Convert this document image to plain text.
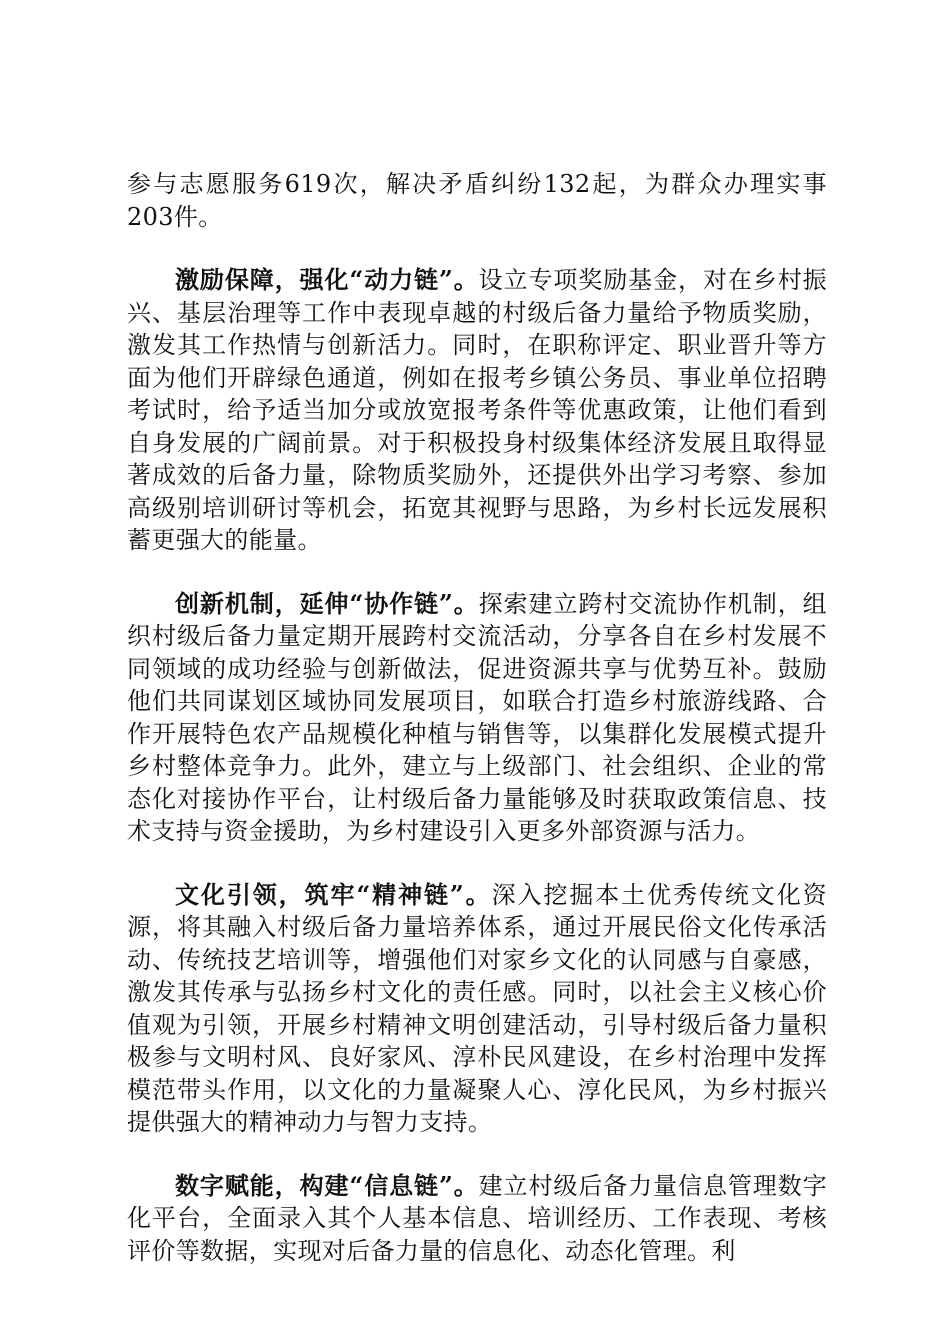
参与志愿服务619次，解决矛盾纠纷132起，为群众办理实事203件。

激励保障，强化“动力链”。设立专项奖励基金，对在乡村振兴、基层治理等工作中表现卓越的村级后备力量给予物质奖励，激发其工作热情与创新活力。同时，在职称评定、职业晋升等方面为他们开辟绿色通道，例如在报考乡镇公务员、事业单位招聘考试时，给予适当加分或放宽报考条件等优惠政策，让他们看到自身发展的广阔前景。对于积极投身村级集体经济发展且取得显著成效的后备力量，除物质奖励外，还提供外出学习考察、参加高级别培训研讨等机会，拓宽其视野与思路，为乡村长远发展积蓄更强大的能量。

创新机制，延伸“协作链”。探索建立跨村交流协作机制，组织村级后备力量定期开展跨村交流活动，分享各自在乡村发展不同领域的成功经验与创新做法，促进资源共享与优势互补。鼓励他们共同谋划区域协同发展项目，如联合打造乡村旅游线路、合作开展特色农产品规模化种植与销售等，以集群化发展模式提升乡村整体竞争力。此外，建立与上级部门、社会组织、企业的常态化对接协作平台，让村级后备力量能够及时获取政策信息、技术支持与资金援助，为乡村建设引入更多外部资源与活力。

文化引领，筑牢“精神链”。深入挖掘本土优秀传统文化资源，将其融入村级后备力量培养体系，通过开展民俗文化传承活动、传统技艺培训等，增强他们对家乡文化的认同感与自豪感，激发其传承与弘扬乡村文化的责任感。同时，以社会主义核心价值观为引领，开展乡村精神文明创建活动，引导村级后备力量积极参与文明村风、良好家风、淳朴民风建设，在乡村治理中发挥模范带头作用，以文化的力量凝聚人心、淳化民风，为乡村振兴提供强大的精神动力与智力支持。

数字赋能，构建“信息链”。建立村级后备力量信息管理数字化平台，全面录入其个人基本信息、培训经历、工作表现、考核评价等数据，实现对后备力量的信息化、动态化管理。利
